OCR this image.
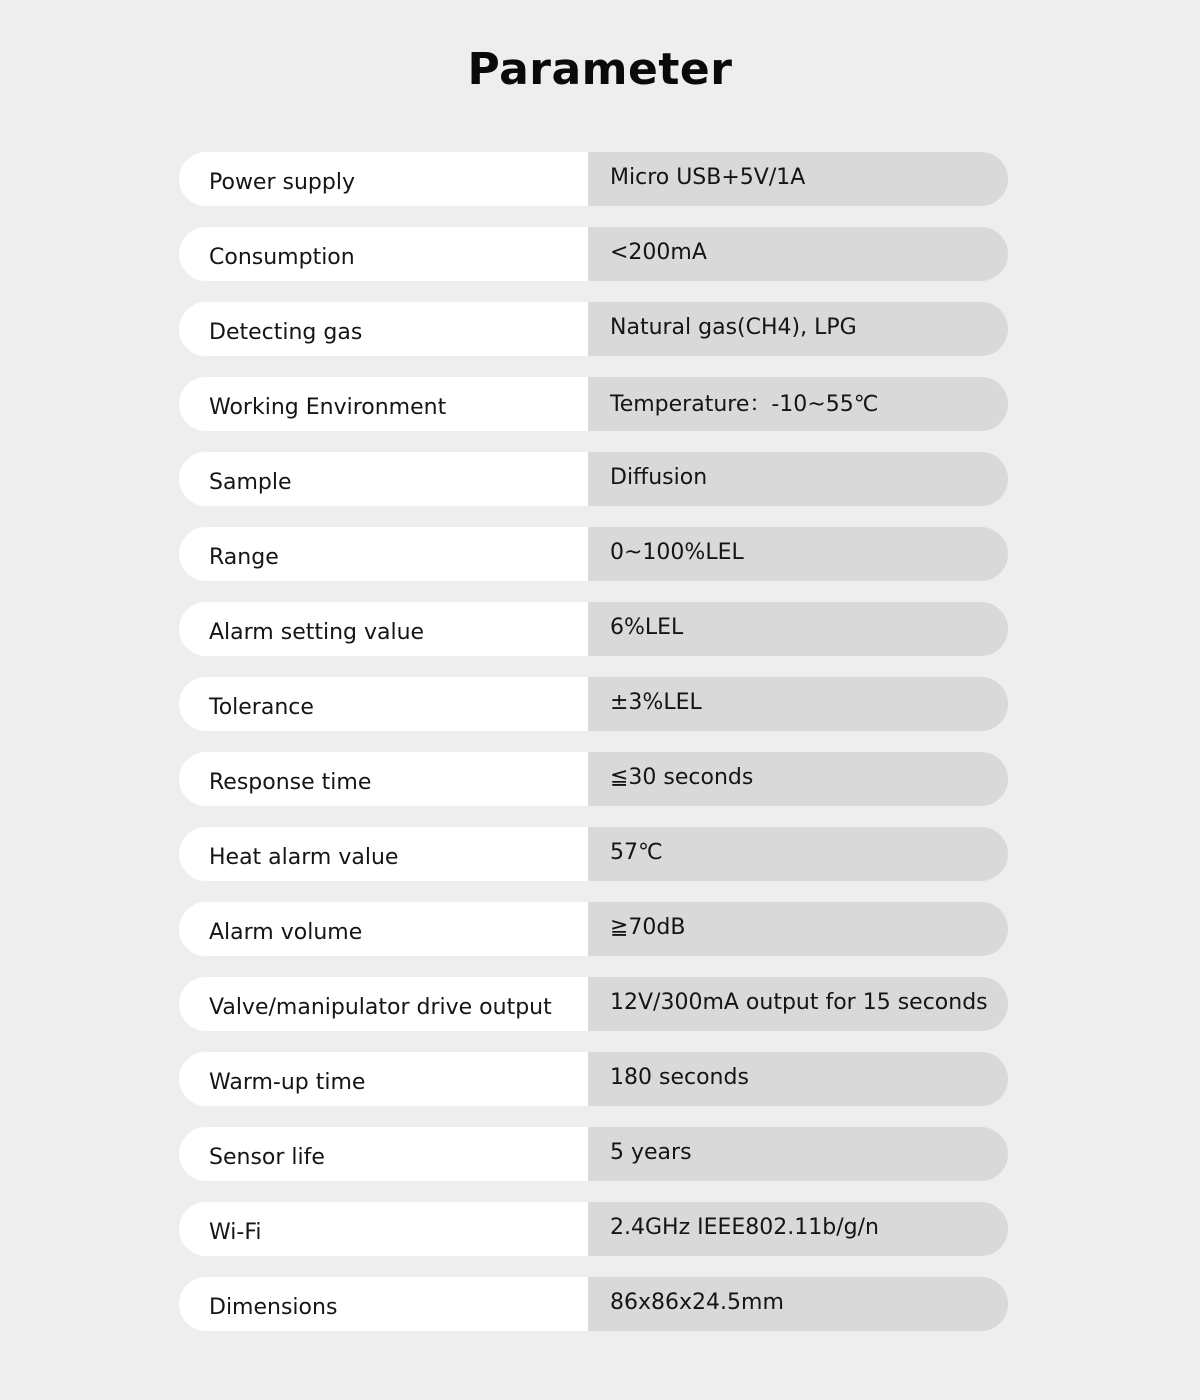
Parameter
Power supply	Micro USB+5V/1A
Consumption	<200mA
Detecting gas	Natural gas(CH4), LPG
Working Environment	Temperature：-10~55℃
Sample	Diffusion
Range	0~100%LEL
Alarm setting value	6%LEL
Tolerance	±3%LEL
Response time	≦30 seconds
Heat alarm value	57℃
Alarm volume	≧70dB
Valve/manipulator drive output	12V/300mA output for 15 seconds
Warm-up time	180 seconds
Sensor life	5 years
Wi-Fi	2.4GHz IEEE802.11b/g/n
Dimensions	86x86x24.5mm
